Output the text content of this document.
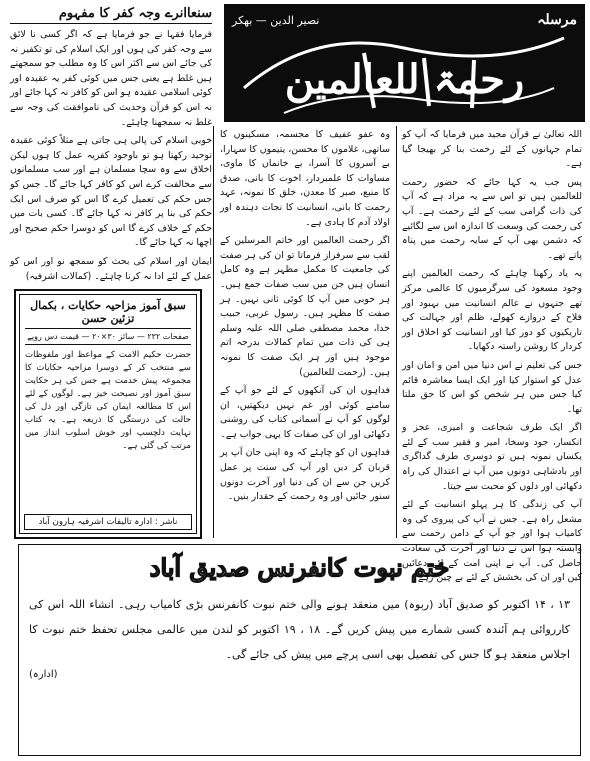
مرسلہ
نصیر الدین — بھکر
رحمۃ للعالمین
سنعاانرے وجہ کفر کا مفہوم

فرمایا فقہا نے جو فرمایا ہے کہ اگر کسی نا لائق سے وجہ کفر کی ہوں اور ایک اسلام کی تو تکفیر نہ کی جائے اس سے اکثر اس کا وہ مطلب جو سمجھتے ہیں غلط ہے یعنی جس میں کوئی کفر یہ عقیدہ اور کوئی اسلامی عقیدہ ہو اس کو کافر نہ کہا جائے اور نہ اس کو قرآن وحدیث کی ناموافقت کی وجہ سے غلط نہ سمجھنا چاہئے۔

خوبی اسلام کی پالی ہی جاتی ہے مثلاً کوئی عقیدہ توحید رکھتا ہو تو باوجود کفریہ عمل کا ہوں لیکن اخلاق سے وہ سچا مسلمان ہے اور سب مسلمانوں سے مخالفت کرے اس کو کافر کہا جائے گا۔ جس کو جس حکم کی تعمیل کرے گا اس کو صرف اس ایک حکم کی بنا پر کافر نہ کہا جائے گا۔ کسی بات میں حکم کے خلاف کرے گا اس کو دوسرا حکم صحیح اور اچھا نہ کہا جائے گا۔

ایمان اور اسلام کی بحث کو سمجھ نو اور اس کو عمل کے لئے ادا نہ کرنا چاہئے۔ (کمالات اشرفیہ)

سبق آموز مزاحیہ حکایات ، بکمال تزئین حسن
صفحات ۲۳۲ — سائز ۳۰×۲۰ — قیمت دس روپے

حضرت حکیم الامت کے مواعظ اور ملفوظات سے منتخب کر کے دوسرا مزاحیہ حکایات کا مجموعہ پیش خدمت ہے جس کی ہر حکایت سبق آموز اور نصیحت خیز ہے۔ لوگوں کے لئے اس کا مطالعہ ایمان کی تازگی اور دل کی حالت کی درستگی کا ذریعہ ہے۔ یہ کتاب نہایت دلچسپ اور خوش اسلوب انداز میں مرتب کی گئی ہے۔

ناشر : ادارہ تالیفات اشرفیہ ہارون آباد

وہ عفو عفیف کا مجسمہ، مسکینوں کا ساتھی، غلاموں کا محسن، یتیموں کا سہارا، بے آسروں کا آسرا، بے خانماں کا ماوی، مساوات کا علمبردار، اخوت کا بانی، صدق کا منبع، صبر کا معدن، خلق کا نمونہ، عہد رحمت کا بانی، انسانیت کا نجات دہندہ اور اولاد آدم کا ہادی ہے۔

اگر رحمت العالمین اور خاتم المرسلین کے لقب سے سرفراز فرماتا تو ان کی ہر صفت کی جامعیت کا مکمل مظہر ہے وہ کامل انسان ہیں جن میں سب صفات جمع ہیں۔ ہر خوبی میں آپ کا کوئی ثانی نہیں۔ ہر صفت کا مظہر ہیں۔ رسول عربی، حبیب خدا، محمد مصطفی صلی اللہ علیہ وسلم ہی کی ذات میں تمام کمالات بدرجہ اتم موجود ہیں اور ہر ایک صفت کا نمونہ ہیں۔ (رحمت للعالمین)

فداہوں ان کی آنکھوں کے لئے جو آپ کے سامنے کوئی اور غم نہیں دیکھتیں، ان لوگوں کو آپ نے آسمانی کتاب کی روشنی دکھائی اور ان کی صفات کا یہی جواب ہے۔

فداہوں ان کو چاہئے کہ وہ اپنی جان آپ پر قربان کر دیں اور آپ کی سنت پر عمل کریں جن سے ان کی دنیا اور آخرت دونوں سنور جائیں اور وہ رحمت کے حقدار بنیں۔

اللہ تعالیٰ نے قرآن مجید میں فرمایا کہ آپ کو تمام جہانوں کے لئے رحمت بنا کر بھیجا گیا ہے۔

پس جب یہ کہا جائے کہ حضور رحمت للعالمین ہیں تو اس سے یہ مراد ہے کہ آپ کی ذات گرامی سب کے لئے رحمت ہے۔ آپ کی رحمت کی وسعت کا اندازہ اس سے لگائیے کہ دشمن بھی آپ کے سایہ رحمت میں پناہ پاتے تھے۔

یہ یاد رکھنا چاہئے کہ رحمت العالمین اپنے وجود مسعود کی سرگرمیوں کا عالمی مرکز تھے جنہوں نے عالم انسانیت میں بہبود اور فلاح کے دروازے کھولے، ظلم اور جہالت کی تاریکیوں کو دور کیا اور انسانیت کو اخلاق اور کردار کا روشن راستہ دکھایا۔

جس کی تعلیم نے اس دنیا میں امن و امان اور عدل کو استوار کیا اور ایک ایسا معاشرہ قائم کیا جس میں ہر شخص کو اس کا حق ملتا تھا۔

اگر ایک طرف شجاعت و امیری، عجز و انکسار، جود وسخا، امیر و فقیر سب کے لئے یکساں نمونہ ہیں تو دوسری طرف گداگری اور بادشاہی دونوں میں آپ نے اعتدال کی راہ دکھائی اور دلوں کو محبت سے جیتا۔

آپ کی زندگی کا ہر پہلو انسانیت کے لئے مشعل راہ ہے۔ جس نے آپ کی پیروی کی وہ کامیاب ہوا اور جو آپ کے دامن رحمت سے وابستہ ہوا اس نے دنیا اور آخرت کی سعادت حاصل کی۔ آپ نے اپنی امت کے لئے دعائیں کیں اور ان کی بخشش کے لئے بے چین رہے۔

ختم نبوت کانفرنس صدیق آباد

۱۳ ، ۱۴ اکتوبر کو صدیق آباد (ربوہ) میں منعقد ہونے والی ختم نبوت کانفرنس بڑی کامیاب رہی۔ انشاء اللہ اس کی کارروائی ہم آئندہ کسی شمارے میں پیش کریں گے۔ ۱۸ ، ۱۹ اکتوبر کو لندن میں عالمی مجلس تحفظ ختم نبوت کا اجلاس منعقد ہو گا جس کی تفصیل بھی اسی پرچے میں پیش کی جائے گی۔

(ادارہ)
